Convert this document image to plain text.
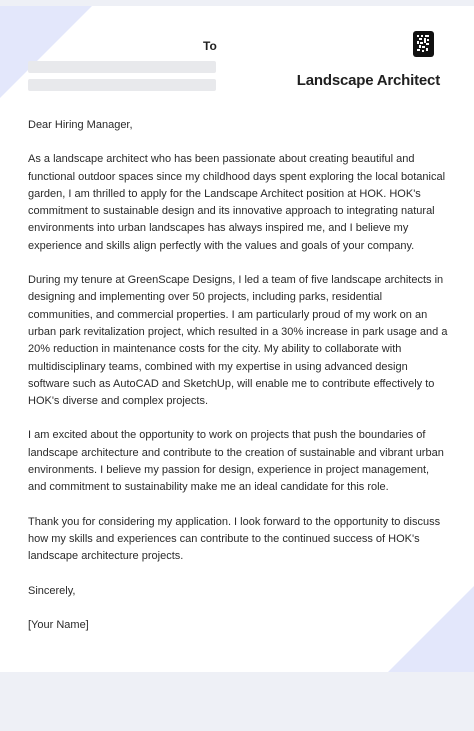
To
Landscape Architect

Dear Hiring Manager,

As a landscape architect who has been passionate about creating beautiful and functional outdoor spaces since my childhood days spent exploring the local botanical garden, I am thrilled to apply for the Landscape Architect position at HOK. HOK's commitment to sustainable design and its innovative approach to integrating natural environments into urban landscapes has always inspired me, and I believe my experience and skills align perfectly with the values and goals of your company.

During my tenure at GreenScape Designs, I led a team of five landscape architects in designing and implementing over 50 projects, including parks, residential communities, and commercial properties. I am particularly proud of my work on an urban park revitalization project, which resulted in a 30% increase in park usage and a 20% reduction in maintenance costs for the city. My ability to collaborate with multidisciplinary teams, combined with my expertise in using advanced design software such as AutoCAD and SketchUp, will enable me to contribute effectively to HOK's diverse and complex projects.

I am excited about the opportunity to work on projects that push the boundaries of landscape architecture and contribute to the creation of sustainable and vibrant urban environments. I believe my passion for design, experience in project management, and commitment to sustainability make me an ideal candidate for this role.

Thank you for considering my application. I look forward to the opportunity to discuss how my skills and experiences can contribute to the continued success of HOK's landscape architecture projects.

Sincerely,

[Your Name]
